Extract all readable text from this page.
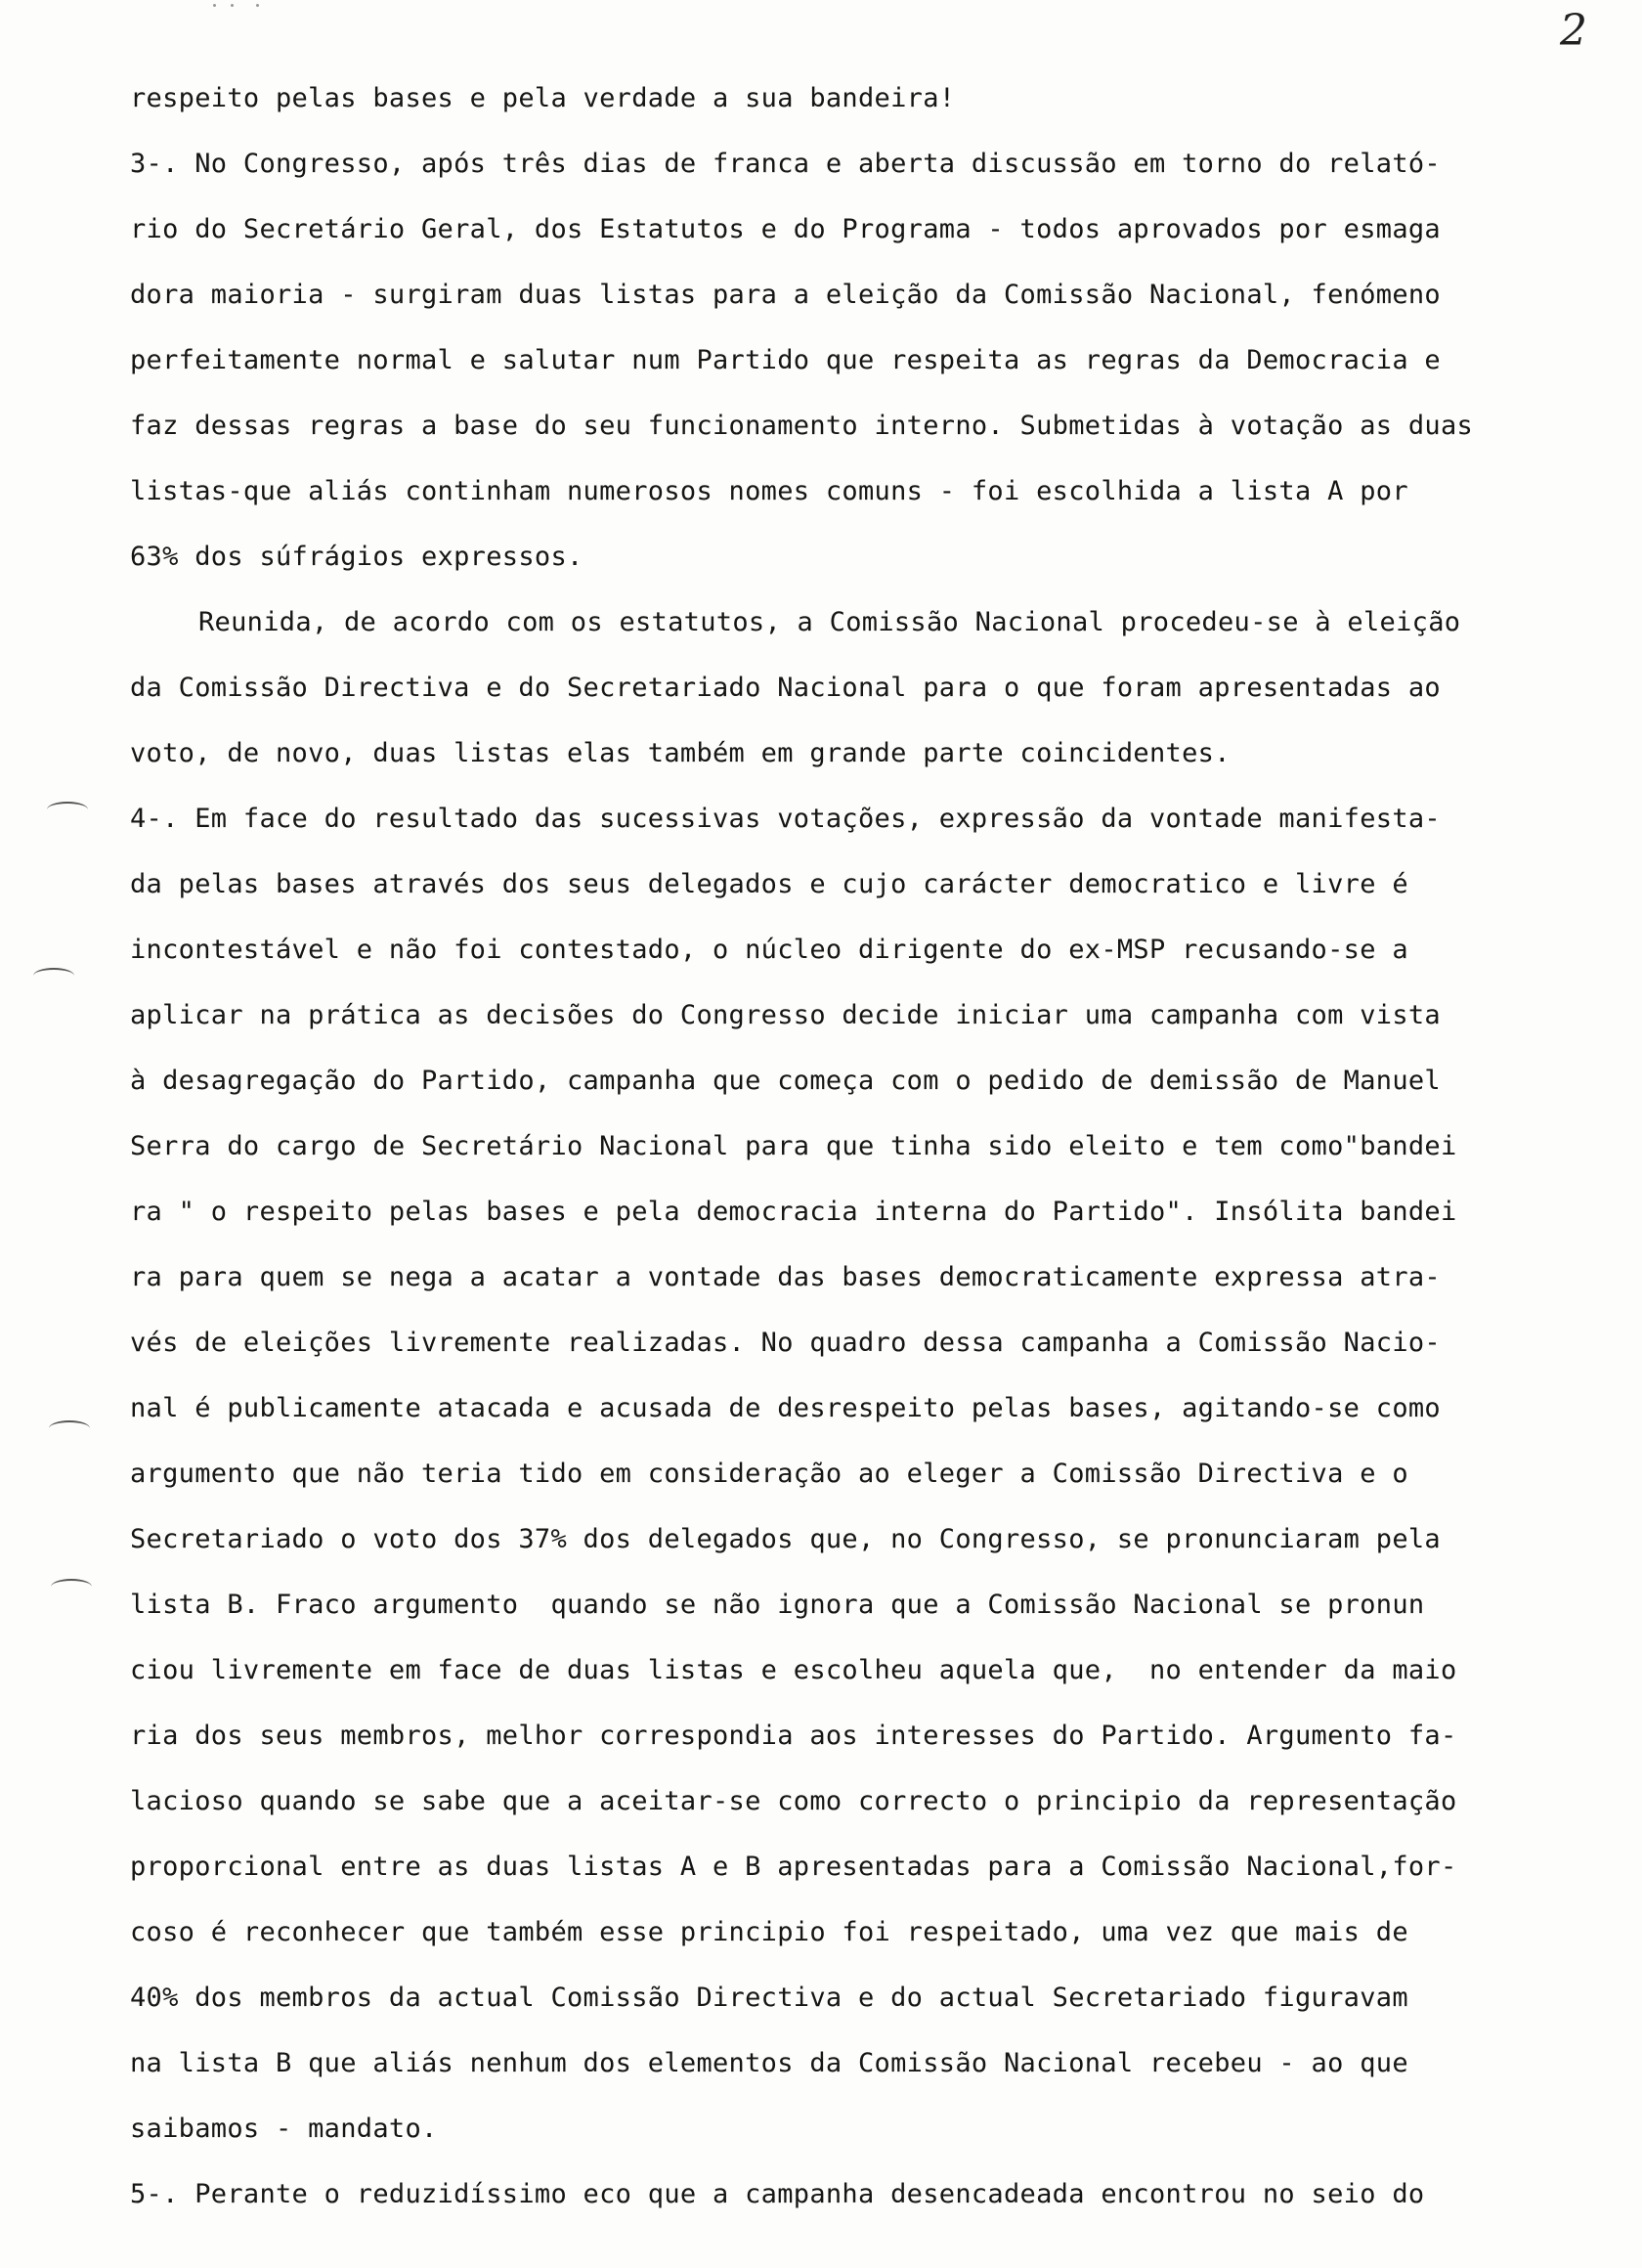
2
respeito pelas bases e pela verdade a sua bandeira!
3-. No Congresso, após três dias de franca e aberta discussão em torno do relató-
rio do Secretário Geral, dos Estatutos e do Programa - todos aprovados por esmaga
dora maioria - surgiram duas listas para a eleição da Comissão Nacional, fenómeno
perfeitamente normal e salutar num Partido que respeita as regras da Democracia e
faz dessas regras a base do seu funcionamento interno. Submetidas à votação as duas
listas-que aliás continham numerosos nomes comuns - foi escolhida a lista A por
63% dos súfrágios expressos.
Reunida, de acordo com os estatutos, a Comissão Nacional procedeu-se à eleição
da Comissão Directiva e do Secretariado Nacional para o que foram apresentadas ao
voto, de novo, duas listas elas também em grande parte coincidentes.
4-. Em face do resultado das sucessivas votações, expressão da vontade manifesta-
da pelas bases através dos seus delegados e cujo carácter democratico e livre é
incontestável e não foi contestado, o núcleo dirigente do ex-MSP recusando-se a
aplicar na prática as decisões do Congresso decide iniciar uma campanha com vista
à desagregação do Partido, campanha que começa com o pedido de demissão de Manuel
Serra do cargo de Secretário Nacional para que tinha sido eleito e tem como"bandei
ra " o respeito pelas bases e pela democracia interna do Partido". Insólita bandei
ra para quem se nega a acatar a vontade das bases democraticamente expressa atra-
vés de eleições livremente realizadas. No quadro dessa campanha a Comissão Nacio-
nal é publicamente atacada e acusada de desrespeito pelas bases, agitando-se como
argumento que não teria tido em consideração ao eleger a Comissão Directiva e o
Secretariado o voto dos 37% dos delegados que, no Congresso, se pronunciaram pela
lista B. Fraco argumento  quando se não ignora que a Comissão Nacional se pronun
ciou livremente em face de duas listas e escolheu aquela que,  no entender da maio
ria dos seus membros, melhor correspondia aos interesses do Partido. Argumento fa-
lacioso quando se sabe que a aceitar-se como correcto o principio da representação
proporcional entre as duas listas A e B apresentadas para a Comissão Nacional,for-
coso é reconhecer que também esse principio foi respeitado, uma vez que mais de
40% dos membros da actual Comissão Directiva e do actual Secretariado figuravam
na lista B que aliás nenhum dos elementos da Comissão Nacional recebeu - ao que
saibamos - mandato.
5-. Perante o reduzidíssimo eco que a campanha desencadeada encontrou no seio do
